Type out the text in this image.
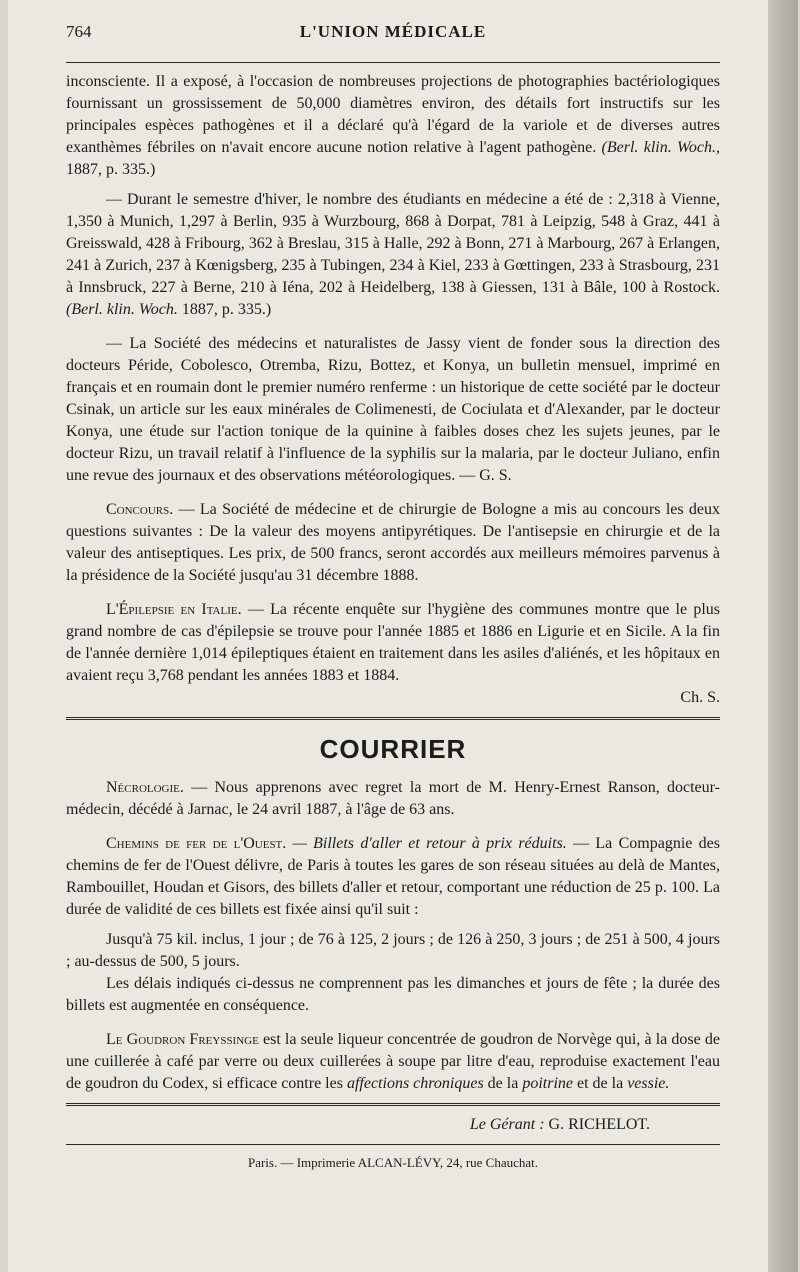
764	L'UNION MÉDICALE

inconsciente. Il a exposé, à l'occasion de nombreuses projections de photographies bactériologiques fournissant un grossissement de 50,000 diamètres environ, des détails fort instructifs sur les principales espèces pathogènes et il a déclaré qu'à l'égard de la variole et de diverses autres exanthèmes fébriles on n'avait encore aucune notion relative à l'agent pathogène. (Berl. klin. Woch., 1887, p. 335.)

— Durant le semestre d'hiver, le nombre des étudiants en médecine a été de : 2,318 à Vienne, 1,350 à Munich, 1,297 à Berlin, 935 à Wurzbourg, 868 à Dorpat, 781 à Leipzig, 548 à Graz, 441 à Greisswald, 428 à Fribourg, 362 à Breslau, 315 à Halle, 292 à Bonn, 271 à Marbourg, 267 à Erlangen, 241 à Zurich, 237 à Kœnigsberg, 235 à Tubingen, 234 à Kiel, 233 à Gœttingen, 233 à Strasbourg, 231 à Innsbruck, 227 à Berne, 210 à Iéna, 202 à Heidelberg, 138 à Giessen, 131 à Bâle, 100 à Rostock. (Berl. klin. Woch. 1887, p. 335.)

— La Société des médecins et naturalistes de Jassy vient de fonder sous la direction des docteurs Péride, Cobolesco, Otremba, Rizu, Bottez, et Konya, un bulletin mensuel, imprimé en français et en roumain dont le premier numéro renferme : un historique de cette société par le docteur Csinak, un article sur les eaux minérales de Colimenesti, de Cociulata et d'Alexander, par le docteur Konya, une étude sur l'action tonique de la quinine à faibles doses chez les sujets jeunes, par le docteur Rizu, un travail relatif à l'influence de la syphilis sur la malaria, par le docteur Juliano, enfin une revue des journaux et des observations météorologiques. — G. S.

Concours. — La Société de médecine et de chirurgie de Bologne a mis au concours les deux questions suivantes : De la valeur des moyens antipyrétiques. De l'antisepsie en chirurgie et de la valeur des antiseptiques. Les prix, de 500 francs, seront accordés aux meilleurs mémoires parvenus à la présidence de la Société jusqu'au 31 décembre 1888.

L'Épilepsie en Italie. — La récente enquête sur l'hygiène des communes montre que le plus grand nombre de cas d'épilepsie se trouve pour l'année 1885 et 1886 en Ligurie et en Sicile. A la fin de l'année dernière 1,014 épileptiques étaient en traitement dans les asiles d'aliénés, et les hôpitaux en avaient reçu 3,768 pendant les années 1883 et 1884.

Ch. S.
COURRIER

Nécrologie. — Nous apprenons avec regret la mort de M. Henry-Ernest Ranson, docteur-médecin, décédé à Jarnac, le 24 avril 1887, à l'âge de 63 ans.

Chemins de fer de l'Ouest. — Billets d'aller et retour à prix réduits. — La Compagnie des chemins de fer de l'Ouest délivre, de Paris à toutes les gares de son réseau situées au delà de Mantes, Rambouillet, Houdan et Gisors, des billets d'aller et retour, comportant une réduction de 25 p. 100. La durée de validité de ces billets est fixée ainsi qu'il suit :

Jusqu'à 75 kil. inclus, 1 jour ; de 76 à 125, 2 jours ; de 126 à 250, 3 jours ; de 251 à 500, 4 jours ; au-dessus de 500, 5 jours.

Les délais indiqués ci-dessus ne comprennent pas les dimanches et jours de fête ; la durée des billets est augmentée en conséquence.

Le Goudron Freyssinge est la seule liqueur concentrée de goudron de Norvège qui, à la dose de une cuillerée à café par verre ou deux cuillerées à soupe par litre d'eau, reproduise exactement l'eau de goudron du Codex, si efficace contre les affections chroniques de la poitrine et de la vessie.

Le Gérant : G. RICHELOT.
Paris. — Imprimerie ALCAN-LÉVY, 24, rue Chauchat.
